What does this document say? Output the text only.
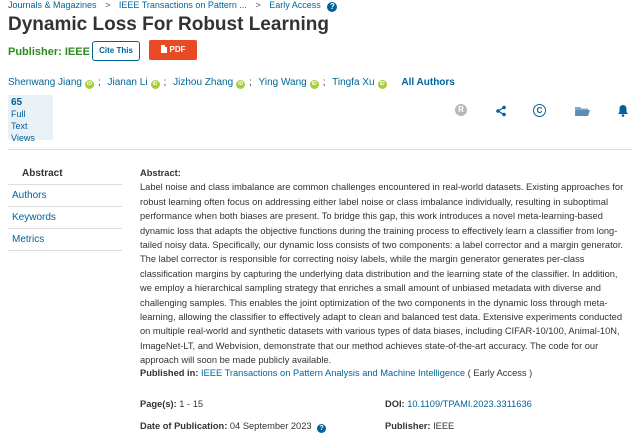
Journals & Magazines > IEEE Transactions on Pattern ... > Early Access ?
Dynamic Loss For Robust Learning
Publisher: IEEE	Cite This	PDF
Shenwang Jiang iD ; Jianan Li iD ; Jizhou Zhang iD ; Ying Wang iD ; Tingfa Xu iD All Authors
65
Full
Text Views
R	C
Abstract
Authors
Keywords
Metrics
Abstract:
Label noise and class imbalance are common challenges encountered in real-world datasets. Existing approaches for robust learning often focus on addressing either label noise or class imbalance individually, resulting in suboptimal performance when both biases are present. To bridge this gap, this work introduces a novel meta-learning-based dynamic loss that adapts the objective functions during the training process to effectively learn a classifier from long-tailed noisy data. Specifically, our dynamic loss consists of two components: a label corrector and a margin generator. The label corrector is responsible for correcting noisy labels, while the margin generator generates per-class classification margins by capturing the underlying data distribution and the learning state of the classifier. In addition, we employ a hierarchical sampling strategy that enriches a small amount of unbiased metadata with diverse and challenging samples. This enables the joint optimization of the two components in the dynamic loss through meta-learning, allowing the classifier to effectively adapt to clean and balanced test data. Extensive experiments conducted on multiple real-world and synthetic datasets with various types of data biases, including CIFAR-10/100, Animal-10N, ImageNet-LT, and Webvision, demonstrate that our method achieves state-of-the-art accuracy. The code for our approach will soon be made publicly available.
Published in: IEEE Transactions on Pattern Analysis and Machine Intelligence ( Early Access )
Page(s): 1 - 15	DOI: 10.1109/TPAMI.2023.3311636
Date of Publication: 04 September 2023 ?	Publisher: IEEE
